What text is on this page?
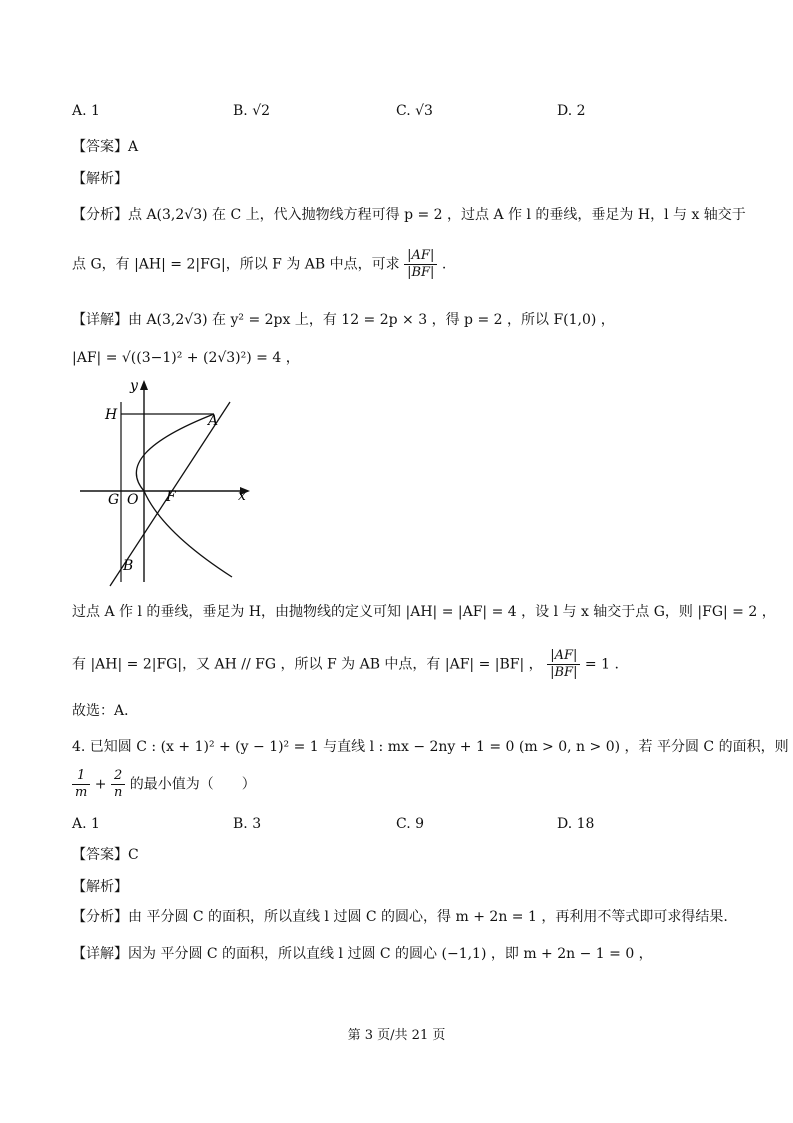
A. 1	B. √2	C. √3	D. 2
【答案】A
【解析】
【分析】点 A(3,2√3) 在 C 上，代入抛物线方程可得 p = 2 ，过点 A 作 l 的垂线，垂足为 H，l 与 x 轴交于
点 G，有 |AH| = 2|FG|，所以 F 为 AB 中点，可求 $\frac{|AF|}{|BF|}$ .
【详解】由 A(3,2√3) 在 y² = 2px 上，有 12 = 2p × 3 ，得 p = 2 ，所以 F(1,0) ，
|AF| = √((3−1)² + (2√3)²) = 4 ，
y
x
H	A
G O F
B
过点 A 作 l 的垂线，垂足为 H，由抛物线的定义可知 |AH| = |AF| = 4 ，设 l 与 x 轴交于点 G，则 |FG| = 2 ，
有 |AH| = 2|FG|，又 AH // FG ，所以 F 为 AB 中点，有 |AF| = |BF| ， $\frac{|AF|}{|BF|} = 1$ .
故选：A．
4. 已知圆 C : (x + 1)² + (y − 1)² = 1 与直线 l : mx − 2ny + 1 = 0 (m > 0, n > 0) ，若 平分圆 C 的面积，则
$\frac{1}{m} + \frac{2}{n}$ 的最小值为（　　）
A. 1	B. 3	C. 9	D. 18
【答案】C
【解析】
【分析】由 平分圆 C 的面积，所以直线 l 过圆 C 的圆心，得 m + 2n = 1 ，再利用不等式即可求得结果.
【详解】因为 平分圆 C 的面积，所以直线 l 过圆 C 的圆心 (−1,1) ，即 m + 2n − 1 = 0 ，
第 3 页/共 21 页
